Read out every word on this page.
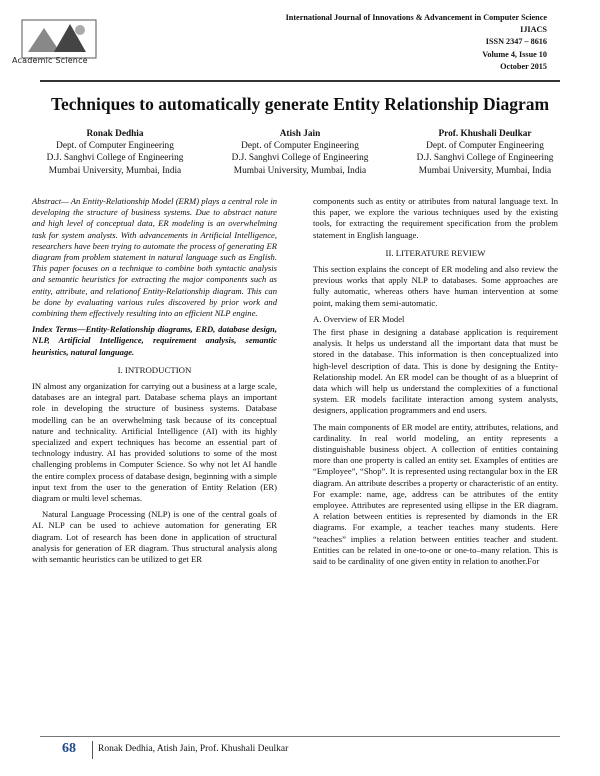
Academic Science
International Journal of Innovations & Advancement in Computer Science
IJIACS
ISSN 2347 – 8616
Volume 4, Issue 10
October 2015
Techniques to automatically generate Entity Relationship Diagram
Ronak Dedhia
Dept. of Computer Engineering
D.J. Sanghvi College of Engineering
Mumbai University, Mumbai, India
Atish Jain
Dept. of Computer Engineering
D.J. Sanghvi College of Engineering
Mumbai University, Mumbai, India
Prof. Khushali Deulkar
Dept. of Computer Engineering
D.J. Sanghvi College of Engineering
Mumbai University, Mumbai, India

Abstract— An Entity-Relationship Model (ERM) plays a central role in developing the structure of business systems. Due to abstract nature and high level of conceptual data, ER modeling is an overwhelming task for system analysts. With advancements in Artificial Intelligence, researchers have been trying to automate the process of generating ER diagram from problem statement in natural language such as English. This paper focuses on a technique to combine both syntactic analysis and semantic heuristics for extracting the major components such as entity, attribute, and relationof Entity-Relationship diagram. This can be done by evaluating various rules discovered by prior work and combining them effectively resulting into an efficient NLP engine.

Index Terms—Entity-Relationship diagrams, ERD, database design, NLP, Artificial Intelligence, requirement analysis, semantic heuristics, natural language.

I. INTRODUCTION

IN almost any organization for carrying out a business at a large scale, databases are an integral part. Database schema plays an important role in developing the structure of business systems. Database modelling can be an overwhelming task because of its conceptual nature and technicality. Artificial Intelligence (AI) with its highly specialized and expert techniques has become an essential part of technology industry. AI has provided solutions to some of the most challenging problems in Computer Science. So why not let AI handle the entire complex process of database design, beginning with a simple input text from the user to the generation of Entity Relation (ER) diagram or multi level schemas.

Natural Language Processing (NLP) is one of the central goals of AI. NLP can be used to achieve automation for generating ER diagram. Lot of research has been done in application of structural analysis for generation of ER diagram. Thus structural analysis along with semantic heuristics can be utilized to get ER

components such as entity or attributes from natural language text. In this paper, we explore the various techniques used by the existing tools, for extracting the requirement specification from the problem statement in English language.

II. LITERATURE REVIEW

This section explains the concept of ER modeling and also review the previous works that apply NLP to databases. Some approaches are fully automatic, whereas others have human intervention at some point, making them semi-automatic.

A. Overview of ER Model

The first phase in designing a database application is requirement analysis. It helps us understand all the important data that must be stored in the database. This information is then conceptualized into high-level description of data. This is done by designing the Entity-Relationship model. An ER model can be thought of as a blueprint of data which will help us understand the complexities of a functional system. ER models facilitate interaction among system analysts, designers, application programmers and end users.

The main components of ER model are entity, attributes, relations, and cardinality. In real world modeling, an entity represents a distinguishable business object. A collection of entities containing more than one property is called an entity set. Examples of entities are “Employee”, “Shop”. It is represented using rectangular box in the ER diagram. An attribute describes a property or characteristic of an entity. For example: name, age, address can be attributes of the entity employee. Attributes are represented using ellipse in the ER diagram. A relation between entities is represented by diamonds in the ER diagrams. For example, a teacher teaches many students. Here “teaches” implies a relation between entities teacher and student. Entities can be related in one-to-one or one-to–many relation. This is said to be cardinality of one given entity in relation to another.For

68 Ronak Dedhia, Atish Jain, Prof. Khushali Deulkar
